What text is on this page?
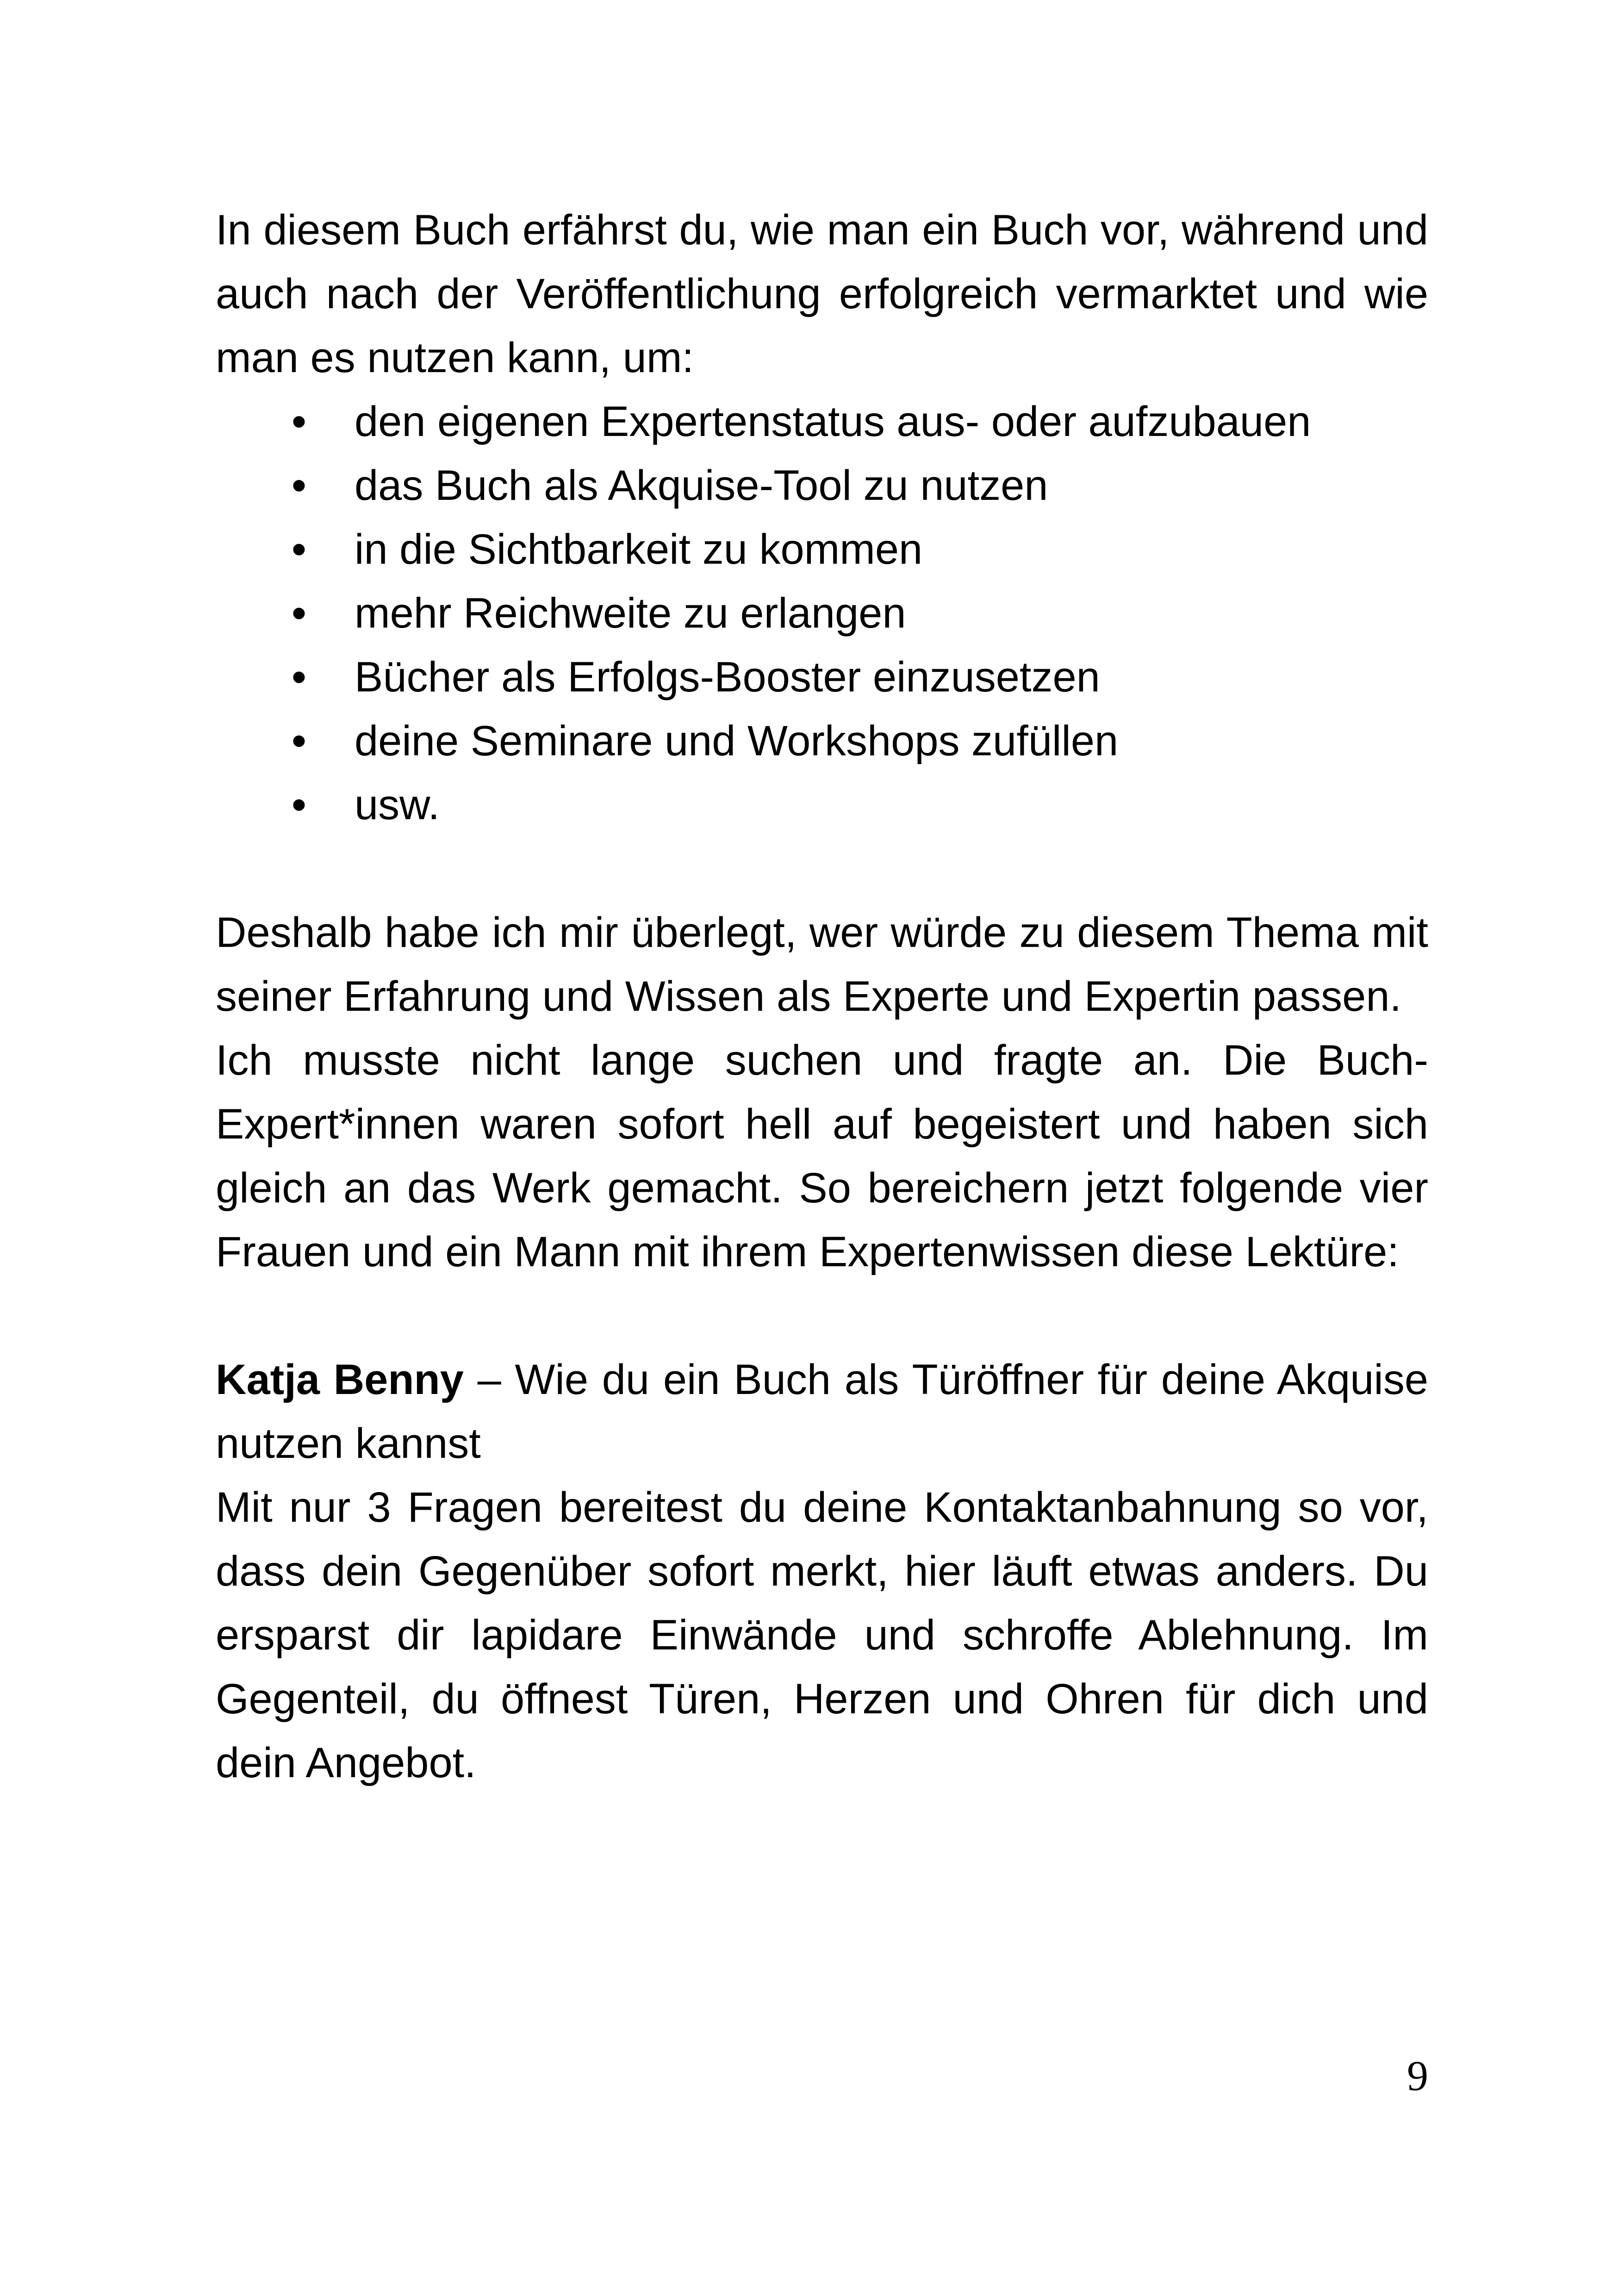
In diesem Buch erfährst du, wie man ein Buch vor, während und auch nach der Veröffentlichung erfolgreich vermarktet und wie man es nutzen kann, um:

• den eigenen Expertenstatus aus- oder aufzubauen
• das Buch als Akquise-Tool zu nutzen
• in die Sichtbarkeit zu kommen
• mehr Reichweite zu erlangen
• Bücher als Erfolgs-Booster einzusetzen
• deine Seminare und Workshops zufüllen
• usw.

Deshalb habe ich mir überlegt, wer würde zu diesem Thema mit seiner Erfahrung und Wissen als Experte und Expertin passen.

Ich musste nicht lange suchen und fragte an. Die Buch-Expert*innen waren sofort hell auf begeistert und haben sich gleich an das Werk gemacht. So bereichern jetzt folgende vier Frauen und ein Mann mit ihrem Expertenwissen diese Lektüre:

Katja Benny – Wie du ein Buch als Türöffner für deine Akquise nutzen kannst

Mit nur 3 Fragen bereitest du deine Kontaktanbahnung so vor, dass dein Gegenüber sofort merkt, hier läuft etwas anders. Du ersparst dir lapidare Einwände und schroffe Ablehnung. Im Gegenteil, du öffnest Türen, Herzen und Ohren für dich und dein Angebot.

9
